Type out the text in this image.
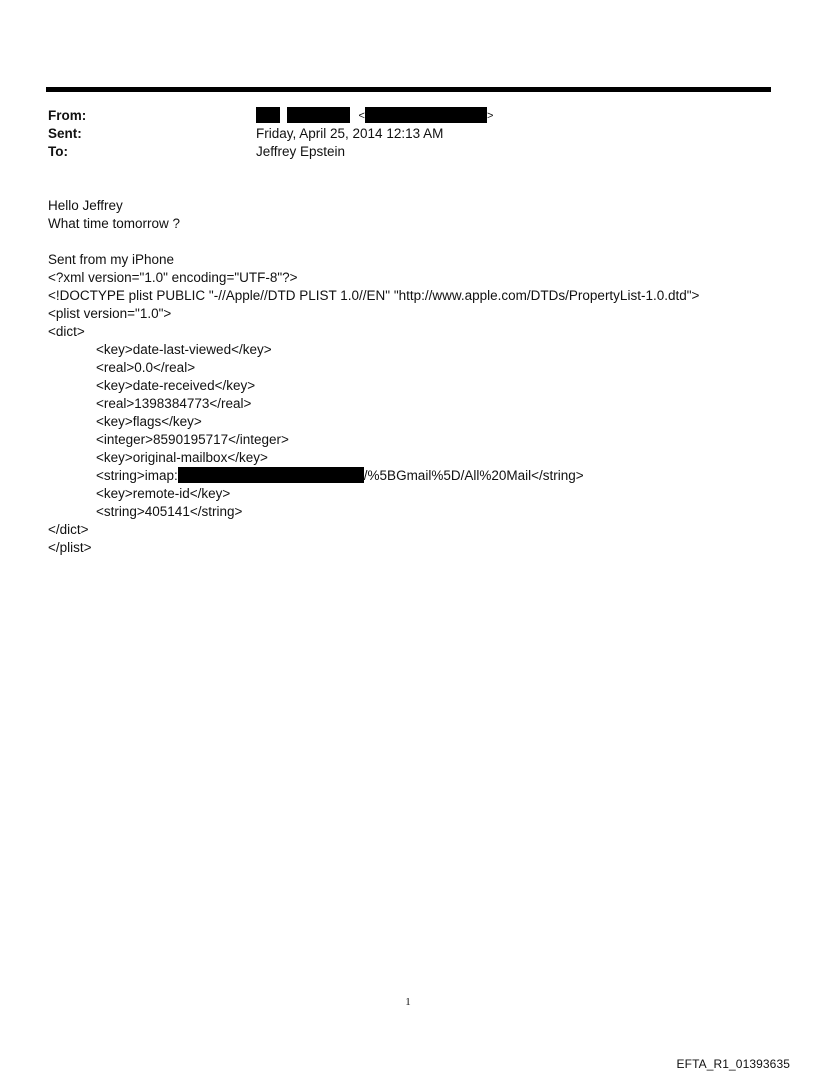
From:	<	>
Sent:	Friday, April 25, 2014 12:13 AM
To:	Jeffrey Epstein
Hello Jeffrey
What time tomorrow ?
Sent from my iPhone
<?xml version="1.0" encoding="UTF-8"?>
<!DOCTYPE plist PUBLIC "-//Apple//DTD PLIST 1.0//EN" "http://www.apple.com/DTDs/PropertyList-1.0.dtd">
<plist version="1.0">
<dict>
<key>date-last-viewed</key>
<real>0.0</real>
<key>date-received</key>
<real>1398384773</real>
<key>flags</key>
<integer>8590195717</integer>
<key>original-mailbox</key>
<string>imap:	/%5BGmail%5D/All%20Mail</string>
<key>remote-id</key>
<string>405141</string>
</dict>
</plist>
1
EFTA_R1_01393635
